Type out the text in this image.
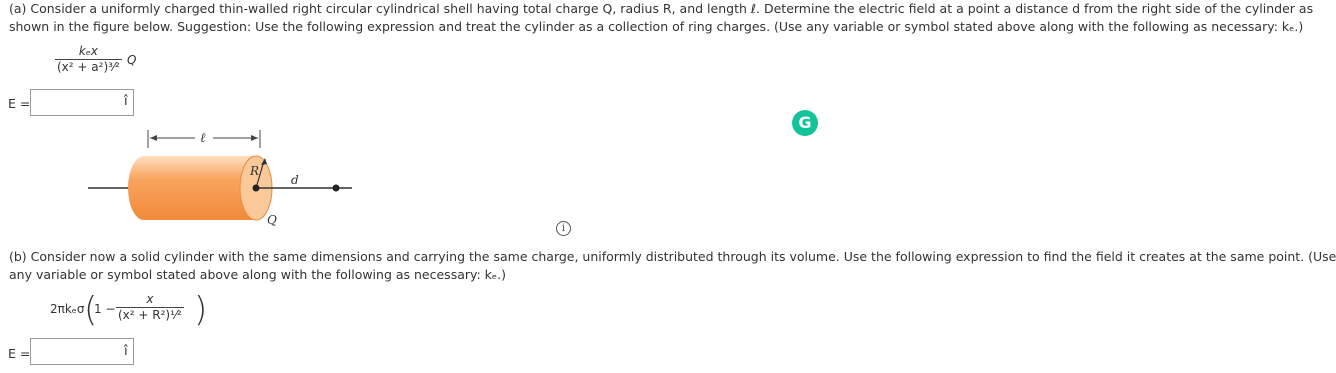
(a) Consider a uniformly charged thin-walled right circular cylindrical shell having total charge Q, radius R, and length ℓ. Determine the electric field at a point a distance d from the right side of the cylinder as

shown in the figure below. Suggestion: Use the following expression and treat the cylinder as a collection of ring charges. (Use any variable or symbol stated above along with the following as necessary: kₑ.)

kₑx
(x² + a²)³⁄² Q
E =	î
G
ℓ
R
d
Q
i

(b) Consider now a solid cylinder with the same dimensions and carrying the same charge, uniformly distributed through its volume. Use the following expression to find the field it creates at the same point. (Use

any variable or symbol stated above along with the following as necessary: kₑ.)

2πkₑσ (
$1 - \frac{x}{\text{(x² + R²)¹⁄²}}$ )
E =	î
